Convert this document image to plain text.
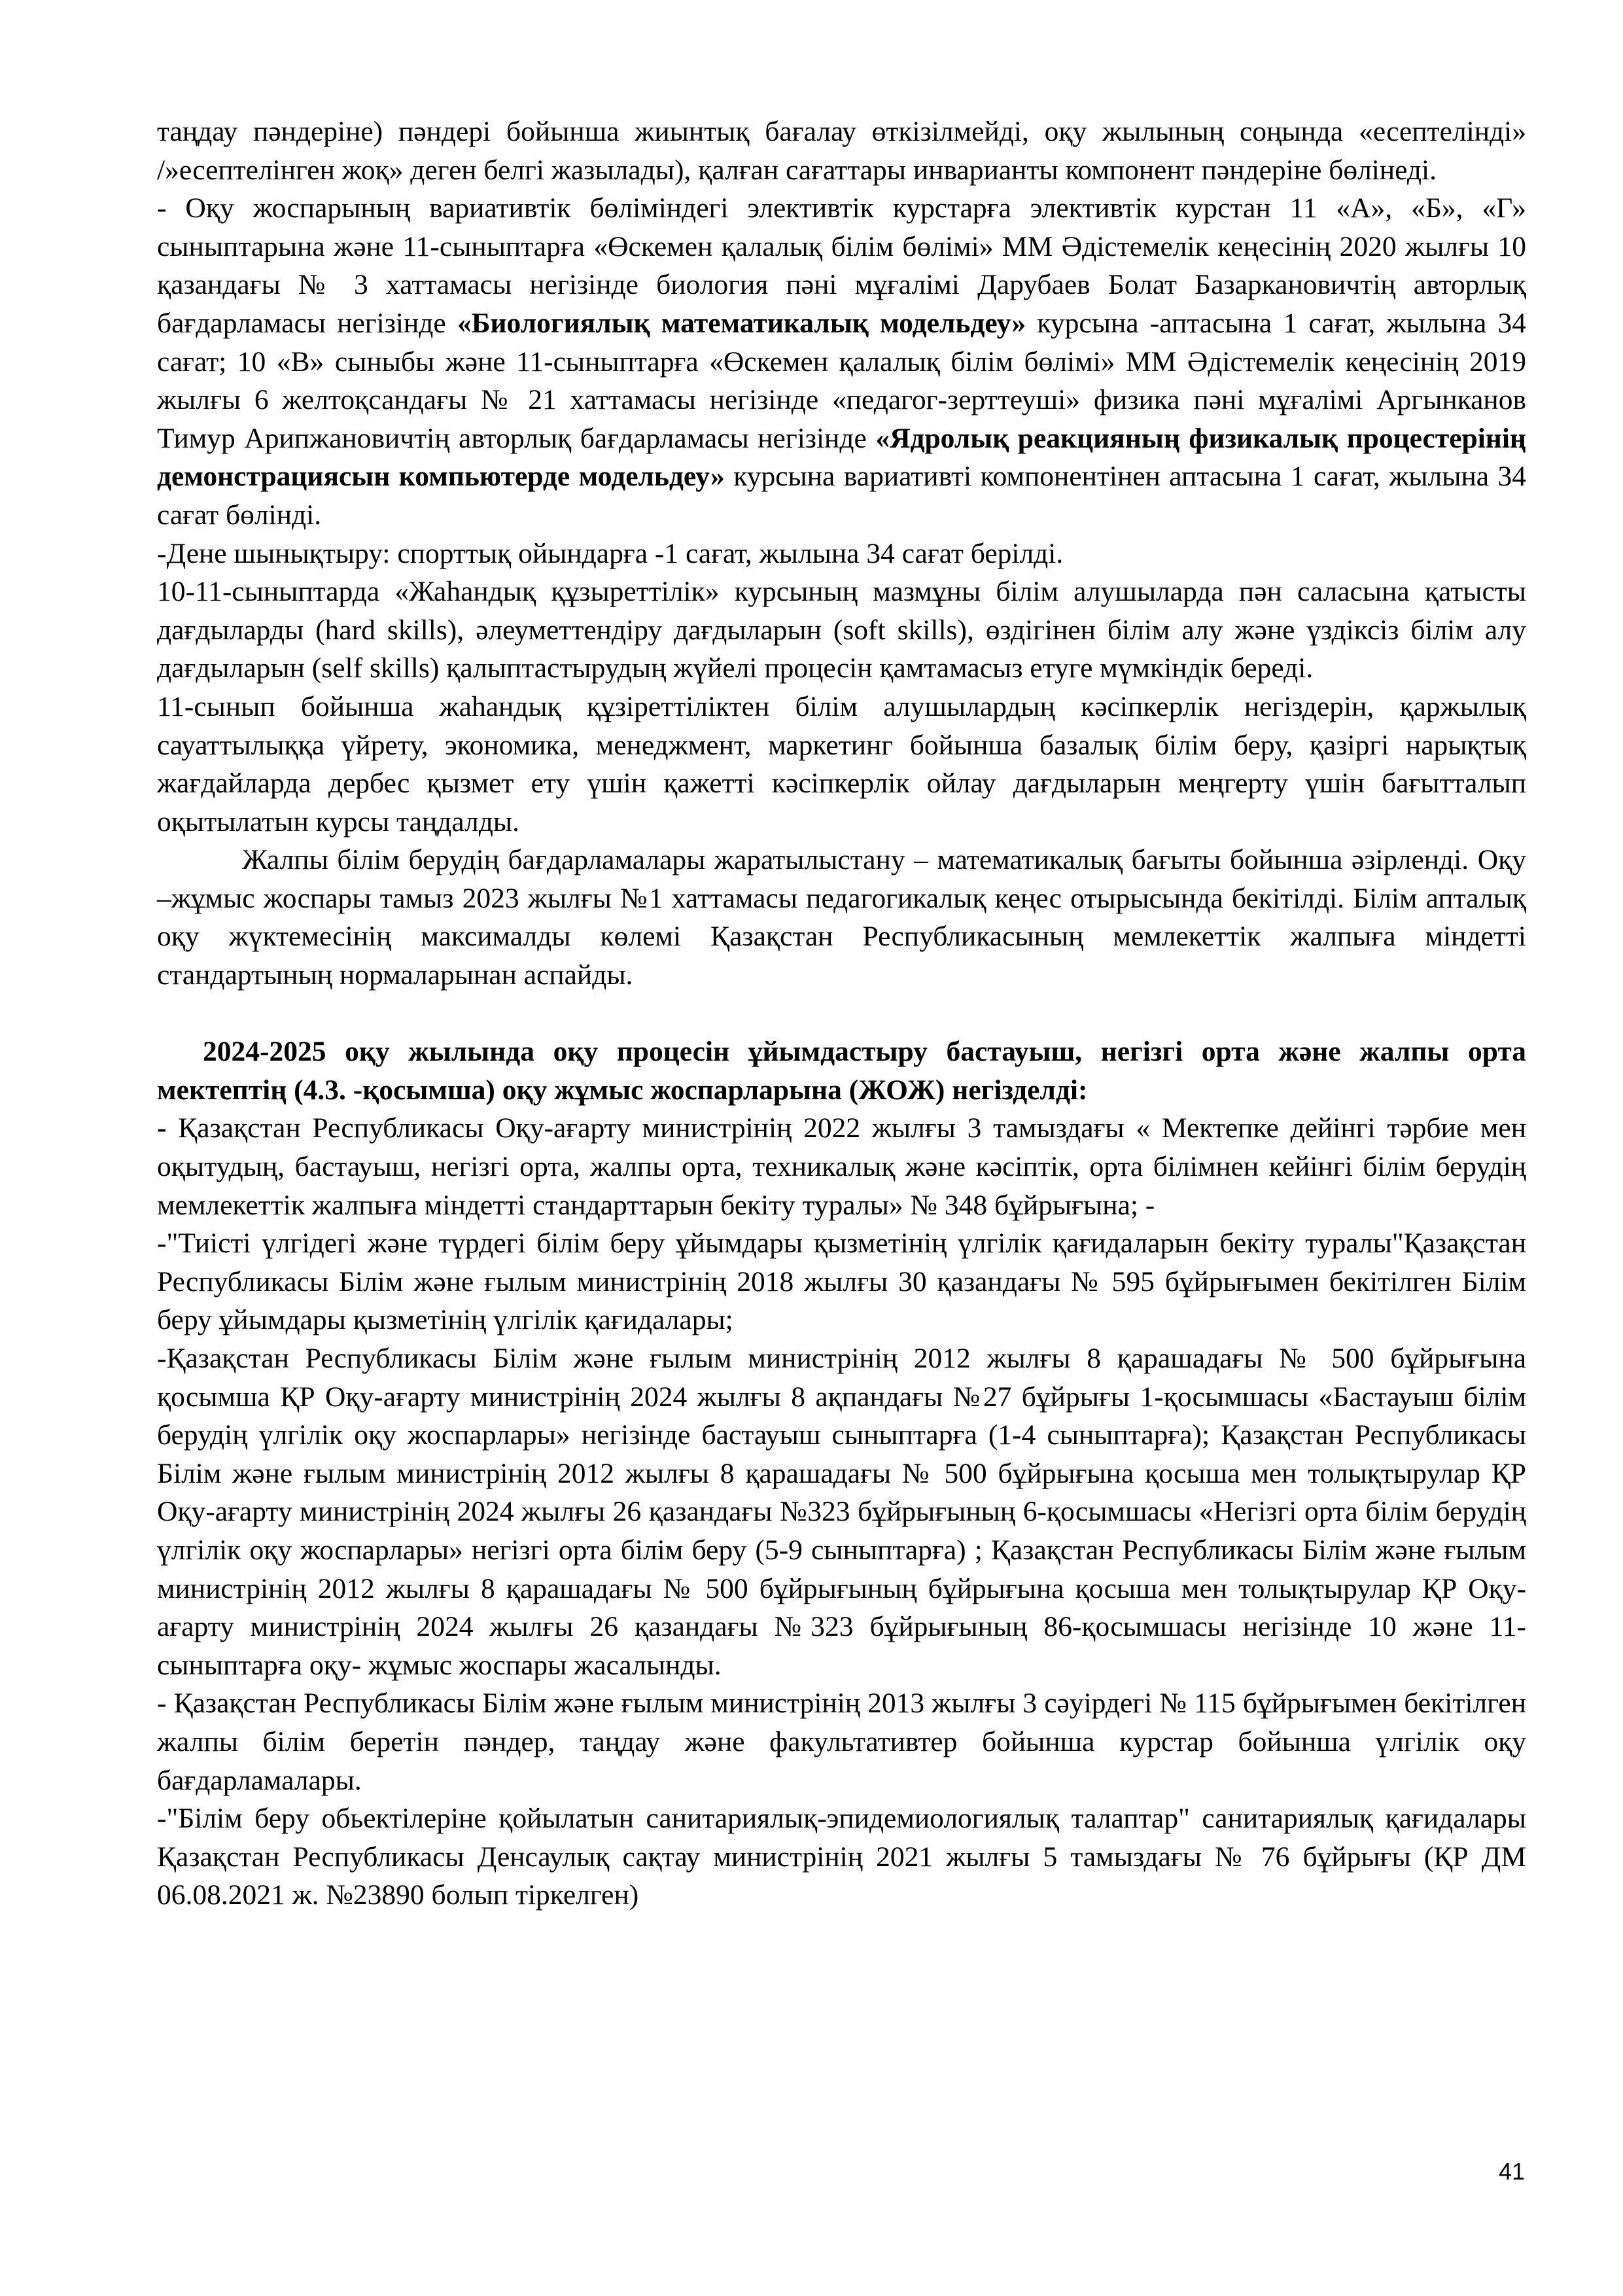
таңдау пәндеріне) пәндері бойынша жиынтық бағалау өткізілмейді, оқу жылының соңында «есептелінді» /»есептелінген жоқ» деген белгі жазылады), қалған сағаттары инварианты компонент пәндеріне бөлінеді.

- Оқу жоспарының вариативтік бөліміндегі элективтік курстарға элективтік курстан 11 «А», «Б», «Г» сыныптарына және 11-сыныптарға «Өскемен қалалық білім бөлімі» ММ Әдістемелік кеңесінің 2020 жылғы 10 қазандағы № 3 хаттамасы негізінде биология пәні мұғалімі Дарубаев Болат Базаркановичтің авторлық бағдарламасы негізінде «Биологиялық математикалық модельдеу» курсына -аптасына 1 сағат, жылына 34 сағат; 10 «В» сыныбы және 11-сыныптарға «Өскемен қалалық білім бөлімі» ММ Әдістемелік кеңесінің 2019 жылғы 6 желтоқсандағы № 21 хаттамасы негізінде «педагог-зерттеуші» физика пәні мұғалімі Аргынканов Тимур Арипжановичтің авторлық бағдарламасы негізінде «Ядролық реакцияның физикалық процестерінің демонстрациясын компьютерде модельдеу» курсына вариативті компонентінен аптасына 1 сағат, жылына 34 сағат бөлінді.

-Дене шынықтыру: спорттық ойындарға -1 сағат, жылына 34 сағат берілді.

10-11-сыныптарда «Жаһандық құзыреттілік» курсының мазмұны білім алушыларда пән саласына қатысты дағдыларды (hard skills), әлеуметтендіру дағдыларын (soft skills), өздігінен білім алу және үздіксіз білім алу дағдыларын (self skills) қалыптастырудың жүйелі процесін қамтамасыз етуге мүмкіндік береді.

11-сынып бойынша жаһандық құзіреттіліктен білім алушылардың кәсіпкерлік негіздерін, қаржылық сауаттылыққа үйрету, экономика, менеджмент, маркетинг бойынша базалық білім беру, қазіргі нарықтық жағдайларда дербес қызмет ету үшін қажетті кәсіпкерлік ойлау дағдыларын меңгерту үшін бағытталып оқытылатын курсы таңдалды.

Жалпы білім берудің бағдарламалары жаратылыстану – математикалық бағыты бойынша әзірленді. Оқу –жұмыс жоспары тамыз 2023 жылғы №1 хаттамасы педагогикалық кеңес отырысында бекітілді. Білім апталық оқу жүктемесінің максималды көлемі Қазақстан Республикасының мемлекеттік жалпыға міндетті стандартының нормаларынан аспайды.

2024-2025 оқу жылында оқу процесін ұйымдастыру бастауыш, негізгі орта және жалпы орта мектептің (4.3. -қосымша) оқу жұмыс жоспарларына (ЖОЖ) негізделді:

- Қазақстан Республикасы Оқу-ағарту министрінің 2022 жылғы 3 тамыздағы « Мектепке дейінгі тәрбие мен оқытудың, бастауыш, негізгі орта, жалпы орта, техникалық және кәсіптік, орта білімнен кейінгі білім берудің мемлекеттік жалпыға міндетті стандарттарын бекіту туралы» № 348 бұйрығына; -

-"Тиісті үлгідегі және түрдегі білім беру ұйымдары қызметінің үлгілік қағидаларын бекіту туралы"Қазақстан Республикасы Білім және ғылым министрінің 2018 жылғы 30 қазандағы № 595 бұйрығымен бекітілген Білім беру ұйымдары қызметінің үлгілік қағидалары;

-Қазақстан Республикасы Білім және ғылым министрінің 2012 жылғы 8 қарашадағы № 500 бұйрығына қосымша ҚР Оқу-ағарту министрінің 2024 жылғы 8 ақпандағы №27 бұйрығы 1-қосымшасы «Бастауыш білім берудің үлгілік оқу жоспарлары» негізінде бастауыш сыныптарға (1-4 сыныптарға); Қазақстан Республикасы Білім және ғылым министрінің 2012 жылғы 8 қарашадағы № 500 бұйрығына қосыша мен толықтырулар ҚР Оқу-ағарту министрінің 2024 жылғы 26 қазандағы №323 бұйрығының 6-қосымшасы «Негізгі орта білім берудің үлгілік оқу жоспарлары» негізгі орта білім беру (5-9 сыныптарға) ; Қазақстан Республикасы Білім және ғылым министрінің 2012 жылғы 8 қарашадағы № 500 бұйрығының бұйрығына қосыша мен толықтырулар ҚР Оқу-ағарту министрінің 2024 жылғы 26 қазандағы №323 бұйрығының 86-қосымшасы негізінде 10 және 11-сыныптарға оқу- жұмыс жоспары жасалынды.

- Қазақстан Республикасы Білім және ғылым министрінің 2013 жылғы 3 сәуірдегі № 115 бұйрығымен бекітілген жалпы білім беретін пәндер, таңдау және факультативтер бойынша курстар бойынша үлгілік оқу бағдарламалары.

-"Білім беру обьектілеріне қойылатын санитариялық-эпидемиологиялық талаптар" санитариялық қағидалары Қазақстан Республикасы Денсаулық сақтау министрінің 2021 жылғы 5 тамыздағы № 76 бұйрығы (ҚР ДМ 06.08.2021 ж. №23890 болып тіркелген)

41
